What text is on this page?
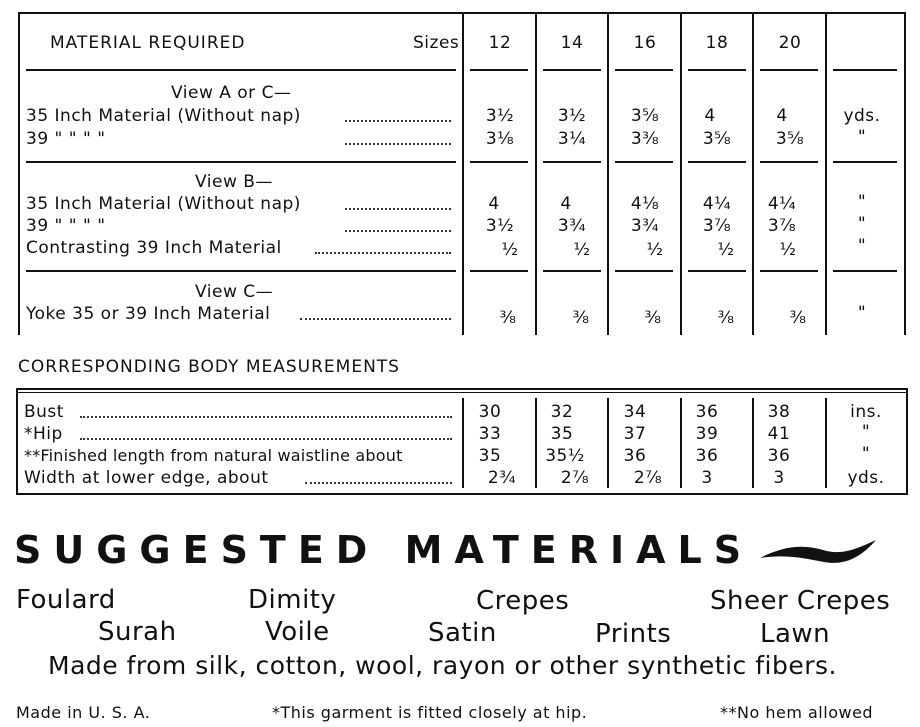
MATERIAL REQUIRED	Sizes	12	14	16	18	20
View A or C—
35 Inch Material (Without nap)	3½	3½	3⅝	4	4	yds.
39 " " " "	3⅛	3¼	3⅜	3⅝	3⅝	"
View B—
35 Inch Material (Without nap)	4	4	4⅛	4¼	4¼	"
39 " " " "	3½	3¾	3¾	3⅞	3⅞	"
Contrasting 39 Inch Material	½	½	½	½	½	"
View C—
Yoke 35 or 39 Inch Material	⅜	⅜	⅜	⅜	⅜	"
CORRESPONDING BODY MEASUREMENTS
Bust	30	32	34	36	38	ins.
*Hip	33	35	37	39	41	"
**Finished length from natural waistline about	35	35½	36	36	36	"
Width at lower edge, about	2¾	2⅞	2⅞	3	3	yds.
SUGGESTED MATERIALS
Foulard	Dimity	Crepes	Sheer Crepes
Surah	Voile	Satin	Prints	Lawn
Made from silk, cotton, wool, rayon or other synthetic fibers.
Made in U. S. A.	*This garment is fitted closely at hip.	**No hem allowed
